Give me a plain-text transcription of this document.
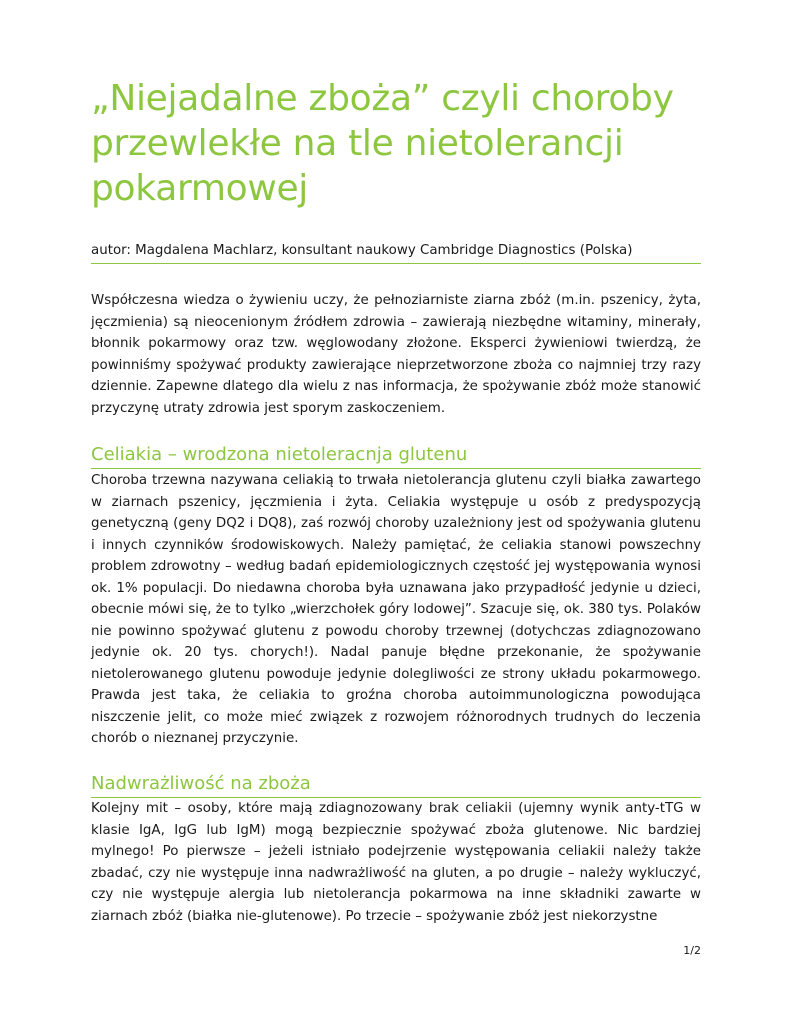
„Niejadalne zboża” czyli choroby przewlekłe na tle nietolerancji pokarmowej

autor: Magdalena Machlarz, konsultant naukowy Cambridge Diagnostics (Polska)

Współczesna wiedza o żywieniu uczy, że pełnoziarniste ziarna zbóż (m.in. pszenicy, żyta, jęczmienia) są nieocenionym źródłem zdrowia – zawierają niezbędne witaminy, minerały, błonnik pokarmowy oraz tzw. węglowodany złożone. Eksperci żywieniowi twierdzą, że powinniśmy spożywać produkty zawierające nieprzetworzone zboża co najmniej trzy razy dziennie. Zapewne dlatego dla wielu z nas informacja, że spożywanie zbóż może stanowić przyczynę utraty zdrowia jest sporym zaskoczeniem.

Celiakia – wrodzona nietoleracnja glutenu

Choroba trzewna nazywana celiakią to trwała nietolerancja glutenu czyli białka zawartego w ziarnach pszenicy, jęczmienia i żyta. Celiakia występuje u osób z predyspozycją genetyczną (geny DQ2 i DQ8), zaś rozwój choroby uzależniony jest od spożywania glutenu i innych czynników środowiskowych. Należy pamiętać, że celiakia stanowi powszechny problem zdrowotny – według badań epidemiologicznych częstość jej występowania wynosi ok. 1% populacji. Do niedawna choroba była uznawana jako przypadłość jedynie u dzieci, obecnie mówi się, że to tylko „wierzchołek góry lodowej”. Szacuje się, ok. 380 tys. Polaków nie powinno spożywać glutenu z powodu choroby trzewnej (dotychczas zdiagnozowano jedynie ok. 20 tys. chorych!). Nadal panuje błędne przekonanie, że spożywanie nietolerowanego glutenu powoduje jedynie dolegliwości ze strony układu pokarmowego. Prawda jest taka, że celiakia to groźna choroba autoimmunologiczna powodująca niszczenie jelit, co może mieć związek z rozwojem różnorodnych trudnych do leczenia chorób o nieznanej przyczynie.

Nadwrażliwość na zboża

Kolejny mit – osoby, które mają zdiagnozowany brak celiakii (ujemny wynik anty-tTG w klasie IgA, IgG lub IgM) mogą bezpiecznie spożywać zboża glutenowe. Nic bardziej mylnego! Po pierwsze – jeżeli istniało podejrzenie występowania celiakii należy także zbadać, czy nie występuje inna nadwrażliwość na gluten, a po drugie – należy wykluczyć, czy nie występuje alergia lub nietolerancja pokarmowa na inne składniki zawarte w ziarnach zbóż (białka nie-glutenowe). Po trzecie – spożywanie zbóż jest niekorzystne

1/2
